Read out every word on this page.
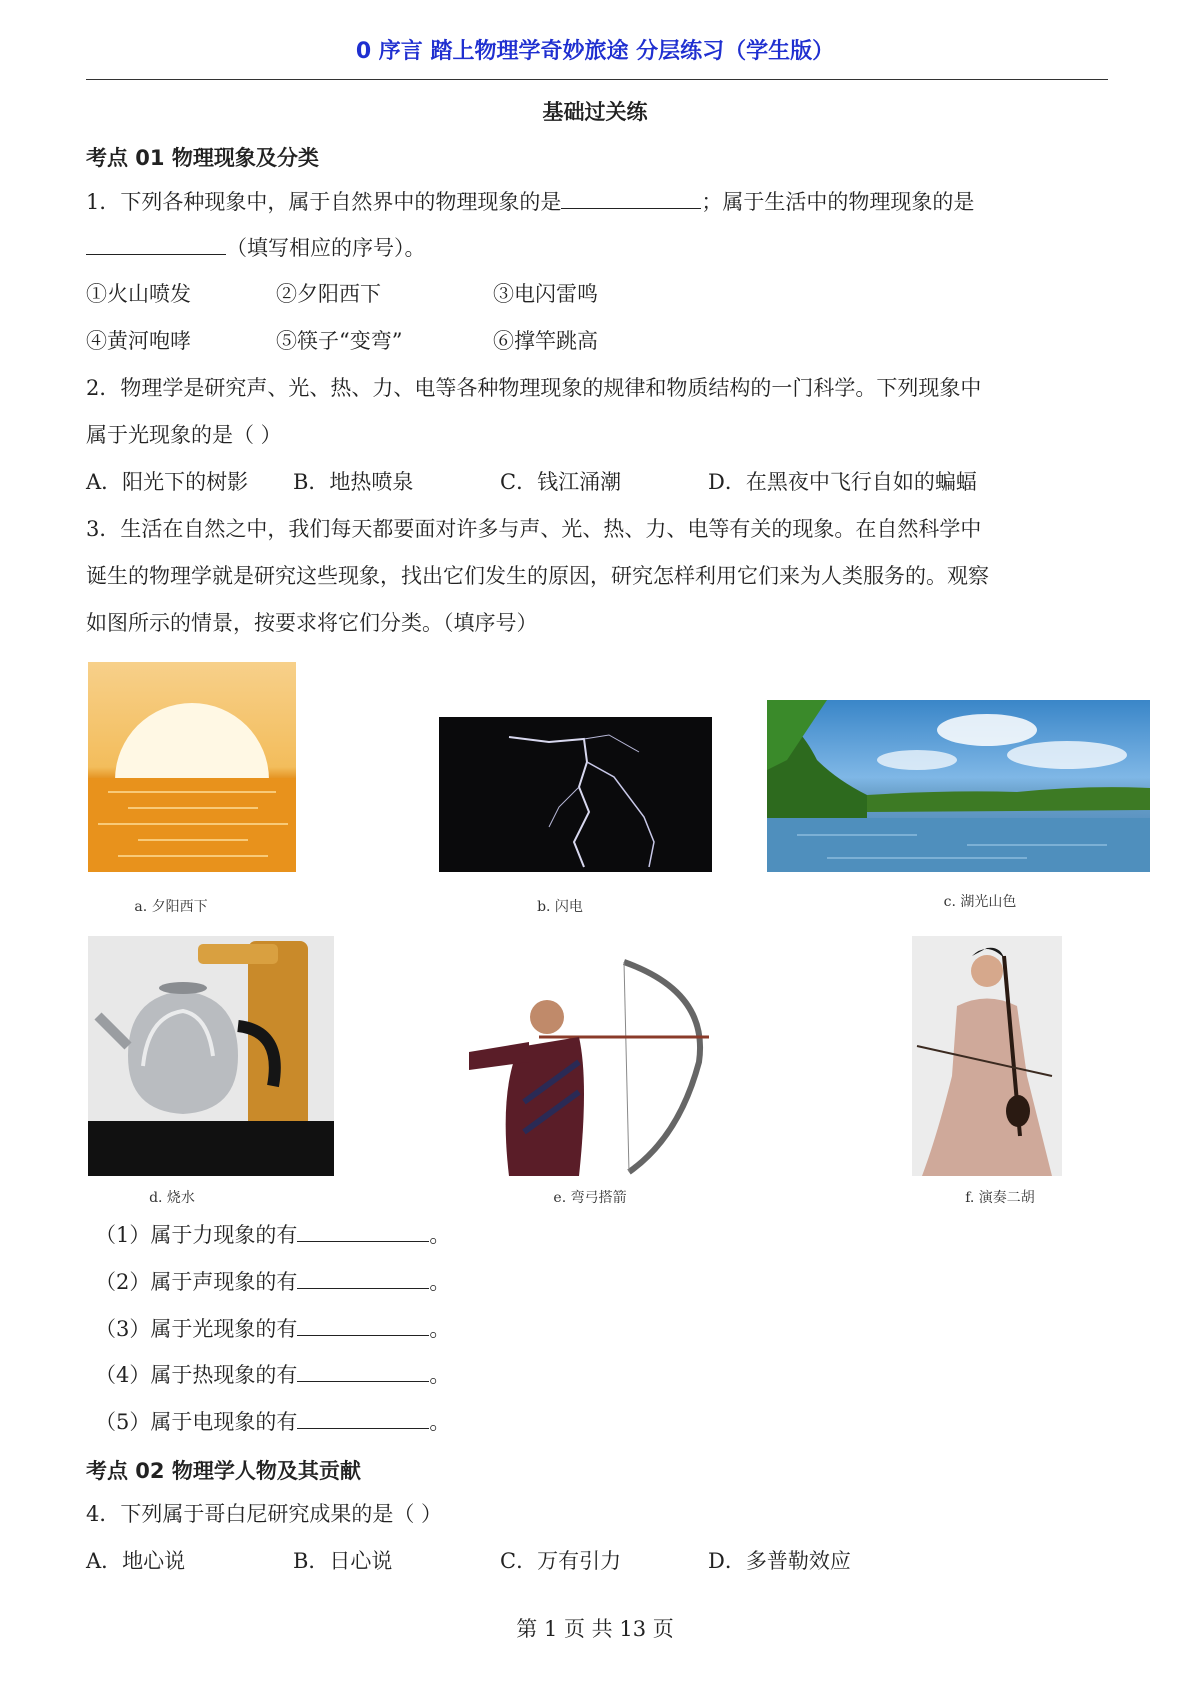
0 序言 踏上物理学奇妙旅途 分层练习（学生版）
基础过关练
考点 01 物理现象及分类
1．下列各种现象中，属于自然界中的物理现象的是	；属于生活中的物理现象的是
（填写相应的序号）。
①火山喷发	②夕阳西下	③电闪雷鸣
④黄河咆哮	⑤筷子“变弯”	⑥撑竿跳高
2．物理学是研究声、光、热、力、电等各种物理现象的规律和物质结构的一门科学。下列现象中
属于光现象的是（ ）
A．阳光下的树影 B．地热喷泉	C．钱江涌潮	D．在黑夜中飞行自如的蝙蝠
3．生活在自然之中，我们每天都要面对许多与声、光、热、力、电等有关的现象。在自然科学中
诞生的物理学就是研究这些现象，找出它们发生的原因，研究怎样利用它们来为人类服务的。观察
如图所示的情景，按要求将它们分类。（填序号）
a. 夕阳西下	b. 闪电	c. 湖光山色
d. 烧水	e. 弯弓搭箭	f. 演奏二胡
（1）属于力现象的有	。
（2）属于声现象的有	。
（3）属于光现象的有	。
（4）属于热现象的有	。
（5）属于电现象的有	。
考点 02 物理学人物及其贡献
4．下列属于哥白尼研究成果的是（ ）
A．地心说	B．日心说	C．万有引力	D．多普勒效应
第 1 页 共 13 页
